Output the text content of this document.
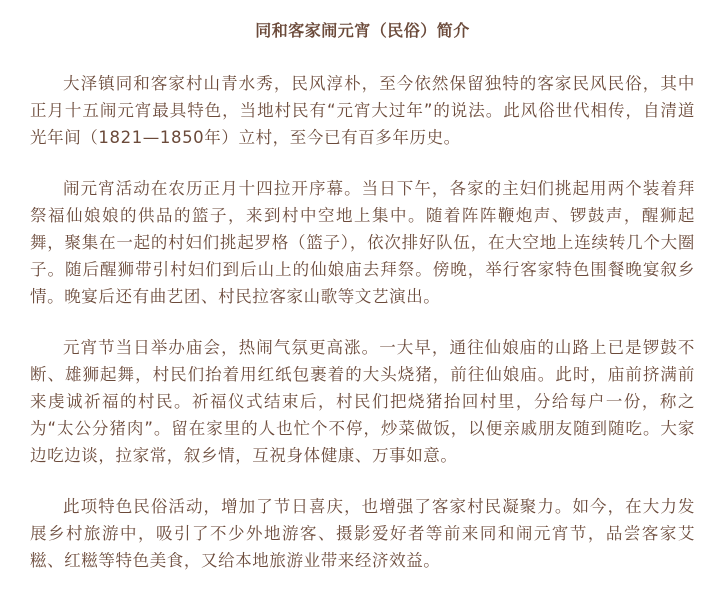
同和客家闹元宵（民俗）简介

大泽镇同和客家村山青水秀，民风淳朴，至今依然保留独特的客家民风民俗，其中正月十五闹元宵最具特色，当地村民有“元宵大过年”的说法。此风俗世代相传，自清道光年间（1821—1850年）立村，至今已有百多年历史。

闹元宵活动在农历正月十四拉开序幕。当日下午，各家的主妇们挑起用两个装着拜祭福仙娘娘的供品的篮子，来到村中空地上集中。随着阵阵鞭炮声、锣鼓声，醒狮起舞，聚集在一起的村妇们挑起罗格（篮子），依次排好队伍，在大空地上连续转几个大圈子。随后醒狮带引村妇们到后山上的仙娘庙去拜祭。傍晚，举行客家特色围餐晚宴叙乡情。晚宴后还有曲艺团、村民拉客家山歌等文艺演出。

元宵节当日举办庙会，热闹气氛更高涨。一大早，通往仙娘庙的山路上已是锣鼓不断、雄狮起舞，村民们抬着用红纸包裹着的大头烧猪，前往仙娘庙。此时，庙前挤满前来虔诚祈福的村民。祈福仪式结束后，村民们把烧猪抬回村里，分给每户一份，称之为“太公分猪肉”。留在家里的人也忙个不停，炒菜做饭，以便亲戚朋友随到随吃。大家边吃边谈，拉家常，叙乡情，互祝身体健康、万事如意。

此项特色民俗活动，增加了节日喜庆，也增强了客家村民凝聚力。如今，在大力发展乡村旅游中，吸引了不少外地游客、摄影爱好者等前来同和闹元宵节，品尝客家艾糍、红糍等特色美食，又给本地旅游业带来经济效益。
